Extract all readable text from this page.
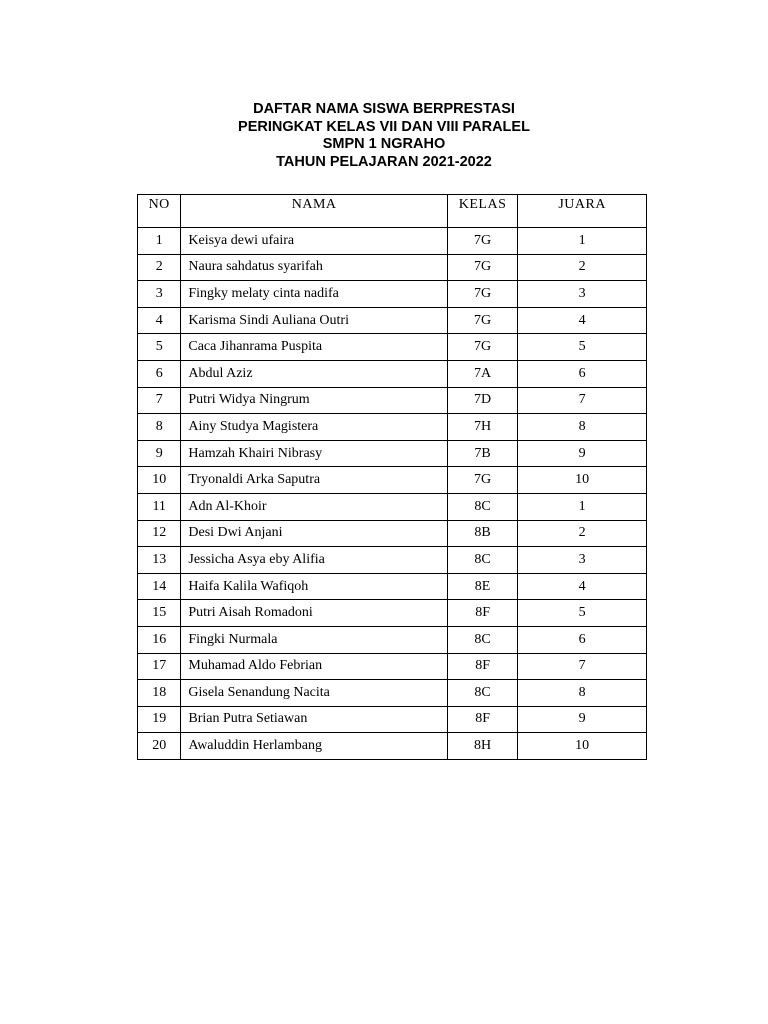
DAFTAR NAMA SISWA BERPRESTASI
PERINGKAT KELAS VII DAN VIII PARALEL
SMPN 1 NGRAHO
TAHUN PELAJARAN 2021-2022
NO	NAMA	KELAS	JUARA
1	Keisya dewi ufaira	7G	1
2	Naura sahdatus syarifah	7G	2
3	Fingky melaty cinta nadifa	7G	3
4	Karisma Sindi Auliana Outri	7G	4
5	Caca Jihanrama Puspita	7G	5
6	Abdul Aziz	7A	6
7	Putri Widya Ningrum	7D	7
8	Ainy Studya Magistera	7H	8
9	Hamzah Khairi Nibrasy	7B	9
10	Tryonaldi Arka Saputra	7G	10
11	Adn Al-Khoir	8C	1
12	Desi Dwi Anjani	8B	2
13	Jessicha Asya eby Alifia	8C	3
14	Haifa Kalila Wafiqoh	8E	4
15	Putri Aisah Romadoni	8F	5
16	Fingki Nurmala	8C	6
17	Muhamad Aldo Febrian	8F	7
18	Gisela Senandung Nacita	8C	8
19	Brian Putra Setiawan	8F	9
20	Awaluddin Herlambang	8H	10
